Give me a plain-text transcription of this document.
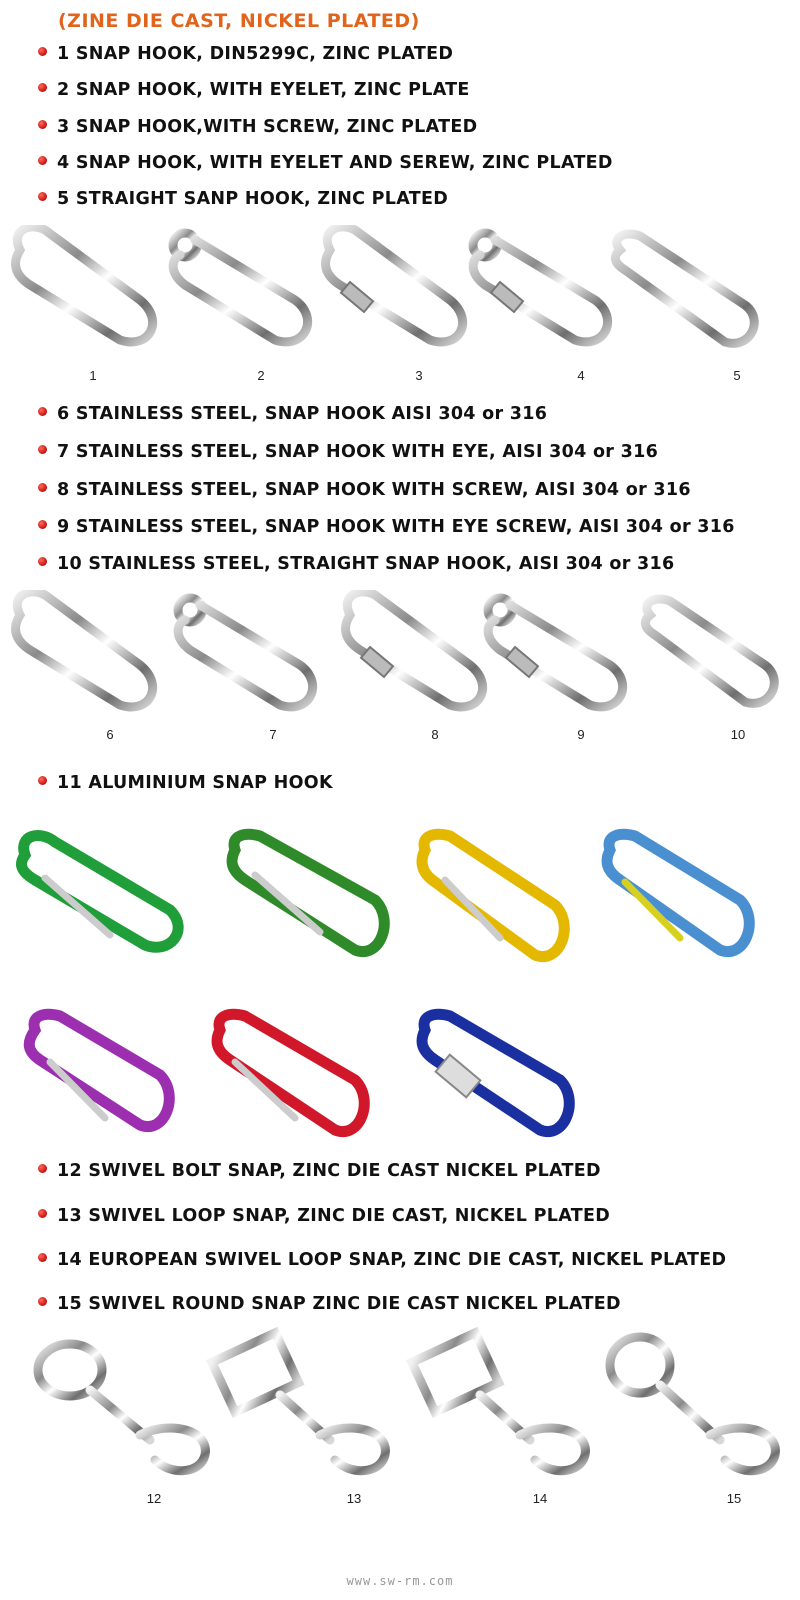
(ZINE DIE CAST, NICKEL PLATED)
1 SNAP HOOK, DIN5299C, ZINC PLATED
2 SNAP HOOK, WITH EYELET, ZINC PLATE
3 SNAP HOOK,WITH SCREW, ZINC PLATED
4 SNAP HOOK, WITH EYELET AND SEREW, ZINC PLATED
5 STRAIGHT SANP HOOK, ZINC PLATED
1	2	3	4	5
6 STAINLESS STEEL, SNAP HOOK AISI 304 or 316
7 STAINLESS STEEL, SNAP HOOK WITH EYE, AISI 304 or 316
8 STAINLESS STEEL, SNAP HOOK WITH SCREW, AISI 304 or 316
9 STAINLESS STEEL, SNAP HOOK WITH EYE SCREW, AISI 304 or 316
10 STAINLESS STEEL, STRAIGHT SNAP HOOK, AISI 304 or 316
6	7	8	9	10
11 ALUMINIUM SNAP HOOK
12 SWIVEL BOLT SNAP, ZINC DIE CAST NICKEL PLATED
13 SWIVEL LOOP SNAP, ZINC DIE CAST, NICKEL PLATED
14 EUROPEAN SWIVEL LOOP SNAP, ZINC DIE CAST, NICKEL PLATED
15 SWIVEL ROUND SNAP ZINC DIE CAST NICKEL PLATED
12	13	14	15
www.sw-rm.com
